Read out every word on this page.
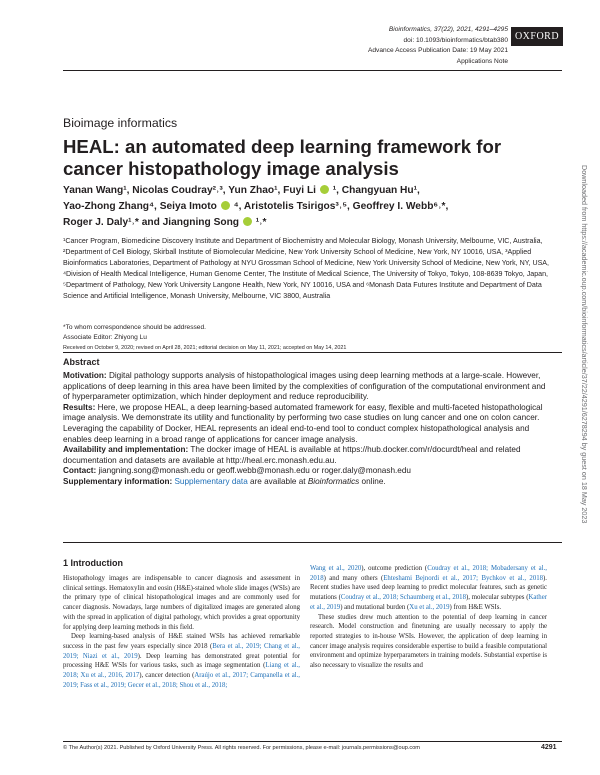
Bioinformatics, 37(22), 2021, 4291–4295
doi: 10.1093/bioinformatics/btab380
Advance Access Publication Date: 19 May 2021
Applications Note
OXFORD
Bioimage informatics
HEAL: an automated deep learning framework for cancer histopathology image analysis
Yanan Wang¹, Nicolas Coudray²˒³, Yun Zhao¹, Fuyi Li ¹, Changyuan Hu¹,
Yao-Zhong Zhang⁴, Seiya Imoto ⁴, Aristotelis Tsirigos³˒⁵, Geoffrey I. Webb⁶˒*,
Roger J. Daly¹˒* and Jiangning Song ¹˒*
¹Cancer Program, Biomedicine Discovery Institute and Department of Biochemistry and Molecular Biology, Monash University, Melbourne, VIC, Australia, ²Department of Cell Biology, Skirball Institute of Biomolecular Medicine, New York University School of Medicine, New York, NY 10016, USA, ³Applied Bioinformatics Laboratories, Department of Pathology at NYU Grossman School of Medicine, New York University School of Medicine, New York, NY, USA, ⁴Division of Health Medical Intelligence, Human Genome Center, The Institute of Medical Science, The University of Tokyo, Tokyo, 108-8639 Tokyo, Japan, ⁵Department of Pathology, New York University Langone Health, New York, NY 10016, USA and ⁶Monash Data Futures Institute and Department of Data Science and Artificial Intelligence, Monash University, Melbourne, VIC 3800, Australia
*To whom correspondence should be addressed.
Associate Editor: Zhiyong Lu
Received on October 9, 2020; revised on April 28, 2021; editorial decision on May 11, 2021; accepted on May 14, 2021
Abstract

Motivation: Digital pathology supports analysis of histopathological images using deep learning methods at a large-scale. However, applications of deep learning in this area have been limited by the complexities of configuration of the computational environment and of hyperparameter optimization, which hinder deployment and reduce reproducibility.

Results: Here, we propose HEAL, a deep learning-based automated framework for easy, flexible and multi-faceted histopathological image analysis. We demonstrate its utility and functionality by performing two case studies on lung cancer and one on colon cancer. Leveraging the capability of Docker, HEAL represents an ideal end-to-end tool to conduct complex histopathological analysis and enables deep learning in a broad range of applications for cancer image analysis.

Availability and implementation: The docker image of HEAL is available at https://hub.docker.com/r/docurdt/heal and related documentation and datasets are available at http://heal.erc.monash.edu.au.

Contact: jiangning.song@monash.edu or geoff.webb@monash.edu or roger.daly@monash.edu

Supplementary information: Supplementary data are available at Bioinformatics online.

1 Introduction

Histopathology images are indispensable to cancer diagnosis and assessment in clinical settings. Hematoxylin and eosin (H&E)-stained whole slide images (WSIs) are the primary type of clinical histopathological images and are commonly used for cancer diagnosis. Nowadays, large numbers of digitalized images are generated along with the spread in application of digital pathology, which provides a great opportunity for applying deep learning methods in this field.

Deep learning-based analysis of H&E stained WSIs has achieved remarkable success in the past few years especially since 2018 (Bera et al., 2019; Chang et al., 2019; Niazi et al., 2019). Deep learning has demonstrated great potential for processing H&E WSIs for various tasks, such as image segmentation (Liang et al., 2018; Xu et al., 2016, 2017), cancer detection (Araújo et al., 2017; Campanella et al., 2019; Fass et al., 2019; Gecer et al., 2018; Shou et al., 2018;

Wang et al., 2020), outcome prediction (Coudray et al., 2018; Mobadersany et al., 2018) and many others (Ehteshami Bejnordi et al., 2017; Bychkov et al., 2018). Recent studies have used deep learning to predict molecular features, such as genetic mutations (Coudray et al., 2018; Schaumberg et al., 2018), molecular subtypes (Kather et al., 2019) and mutational burden (Xu et al., 2019) from H&E WSIs.

These studies drew much attention to the potential of deep learning in cancer research. Model construction and finetuning are usually necessary to apply the reported strategies to in-house WSIs. However, the application of deep learning in cancer image analysis requires considerable expertise to build a feasible computational environment and optimize hyperparameters in training models. Substantial expertise is also necessary to visualize the results and

© The Author(s) 2021. Published by Oxford University Press. All rights reserved. For permissions, please e-mail: journals.permissions@oup.com	4291
Downloaded from https://academic.oup.com/bioinformatics/article/37/22/4291/6278294 by guest on 18 May 2023
